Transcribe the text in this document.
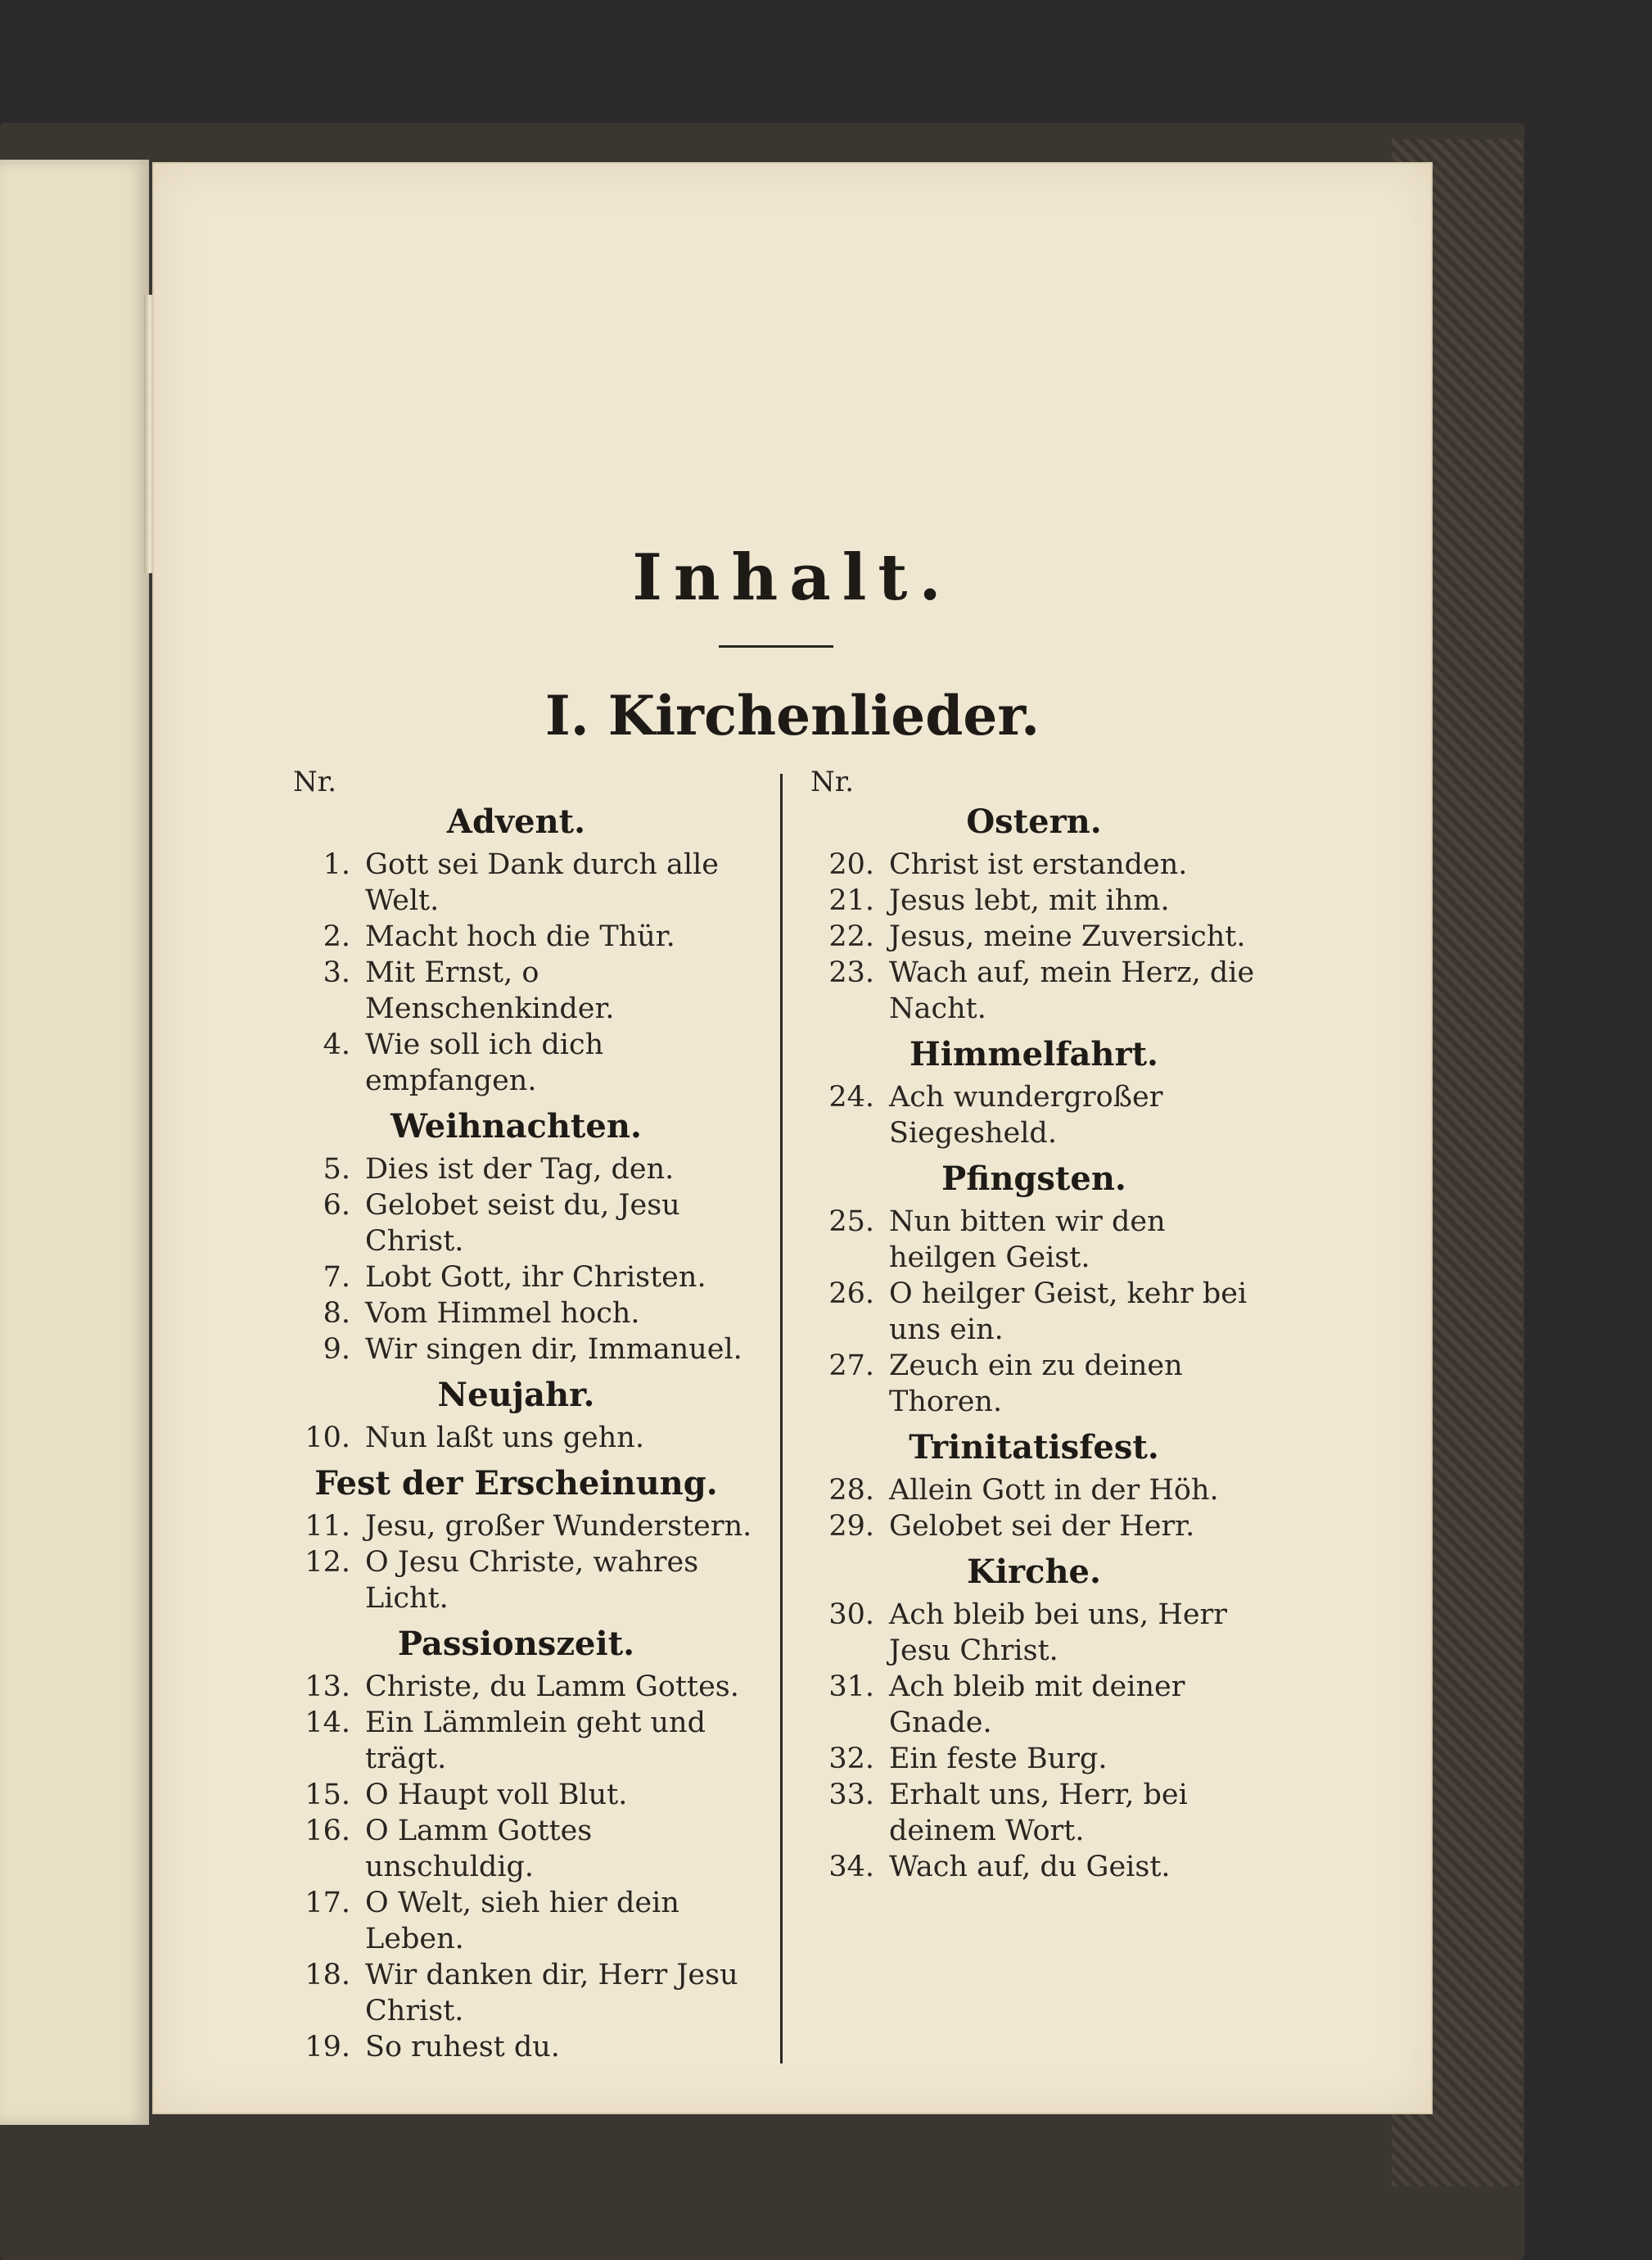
Inhalt.
I. Kirchenlieder.
Nr.	Nr.
Advent.
1. Gott sei Dank durch alle Welt.
2. Macht hoch die Thür.
3. Mit Ernst, o Menschenkinder.
4. Wie soll ich dich empfangen.
Weihnachten.
5. Dies ist der Tag, den.
6. Gelobet seist du, Jesu Christ.
7. Lobt Gott, ihr Christen.
8. Vom Himmel hoch.
9. Wir singen dir, Immanuel.
Neujahr.
10. Nun laßt uns gehn.
Fest der Erscheinung.
11. Jesu, großer Wunderstern.
12. O Jesu Christe, wahres Licht.
Passionszeit.
13. Christe, du Lamm Gottes.
14. Ein Lämmlein geht und trägt.
15. O Haupt voll Blut.
16. O Lamm Gottes unschuldig.
17. O Welt, sieh hier dein Leben.
18. Wir danken dir, Herr Jesu Christ.
19. So ruhest du.
Ostern.
20. Christ ist erstanden.
21. Jesus lebt, mit ihm.
22. Jesus, meine Zuversicht.
23. Wach auf, mein Herz, die Nacht.
Himmelfahrt.
24. Ach wundergroßer Siegesheld.
Pfingsten.
25. Nun bitten wir den heilgen Geist.
26. O heilger Geist, kehr bei uns ein.
27. Zeuch ein zu deinen Thoren.
Trinitatisfest.
28. Allein Gott in der Höh.
29. Gelobet sei der Herr.
Kirche.
30. Ach bleib bei uns, Herr Jesu Christ.
31. Ach bleib mit deiner Gnade.
32. Ein feste Burg.
33. Erhalt uns, Herr, bei deinem Wort.
34. Wach auf, du Geist.
